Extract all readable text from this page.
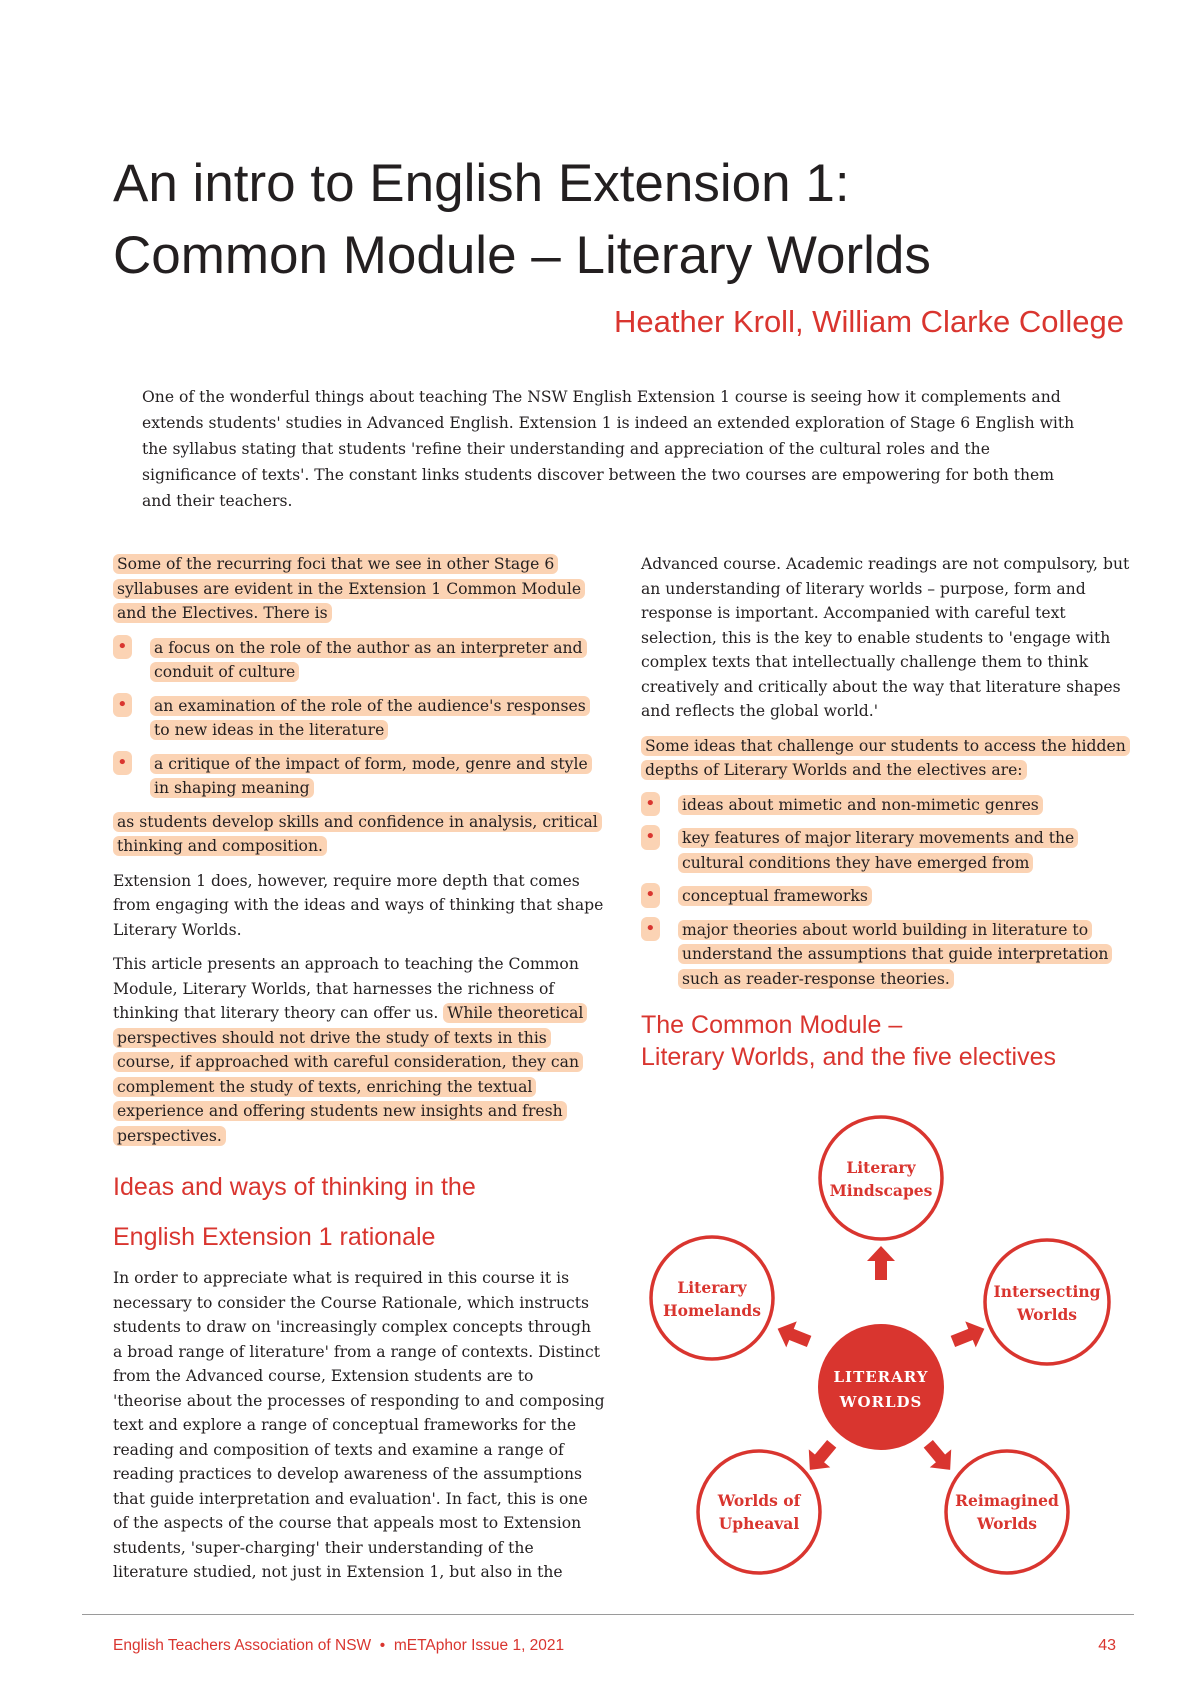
An intro to English Extension 1:
Common Module – Literary Worlds

Heather Kroll, William Clarke College

One of the wonderful things about teaching The NSW English Extension 1 course is seeing how it complements and extends students' studies in Advanced English. Extension 1 is indeed an extended exploration of Stage 6 English with the syllabus stating that students 'refine their understanding and appreciation of the cultural roles and the significance of texts'. The constant links students discover between the two courses are empowering for both them and their teachers.

Some of the recurring foci that we see in other Stage 6 syllabuses are evident in the Extension 1 Common Module and the Electives. There is

• a focus on the role of the author as an interpreter and conduit of culture
• an examination of the role of the audience's responses to new ideas in the literature
• a critique of the impact of form, mode, genre and style in shaping meaning

as students develop skills and confidence in analysis, critical thinking and composition.

Extension 1 does, however, require more depth that comes from engaging with the ideas and ways of thinking that shape Literary Worlds.

This article presents an approach to teaching the Common Module, Literary Worlds, that harnesses the richness of thinking that literary theory can offer us. While theoretical perspectives should not drive the study of texts in this course, if approached with careful consideration, they can complement the study of texts, enriching the textual experience and offering students new insights and fresh perspectives.

Ideas and ways of thinking in the
English Extension 1 rationale

In order to appreciate what is required in this course it is necessary to consider the Course Rationale, which instructs students to draw on 'increasingly complex concepts through a broad range of literature' from a range of contexts. Distinct from the Advanced course, Extension students are to 'theorise about the processes of responding to and composing text and explore a range of conceptual frameworks for the reading and composition of texts and examine a range of reading practices to develop awareness of the assumptions that guide interpretation and evaluation'. In fact, this is one of the aspects of the course that appeals most to Extension students, 'super-charging' their understanding of the literature studied, not just in Extension 1, but also in the

Advanced course. Academic readings are not compulsory, but an understanding of literary worlds – purpose, form and response is important. Accompanied with careful text selection, this is the key to enable students to 'engage with complex texts that intellectually challenge them to think creatively and critically about the way that literature shapes and reflects the global world.'

Some ideas that challenge our students to access the hidden depths of Literary Worlds and the electives are:

• ideas about mimetic and non-mimetic genres
• key features of major literary movements and the cultural conditions they have emerged from
• conceptual frameworks
• major theories about world building in literature to understand the assumptions that guide interpretation such as reader-response theories.
The Common Module –
Literary Worlds, and the five electives
LITERARY
WORLDS
Literary
Mindscapes
Intersecting
Worlds
Reimagined
Worlds
Worlds of
Upheaval
Literary
Homelands
English Teachers Association of NSW • mETAphor Issue 1, 2021	43
